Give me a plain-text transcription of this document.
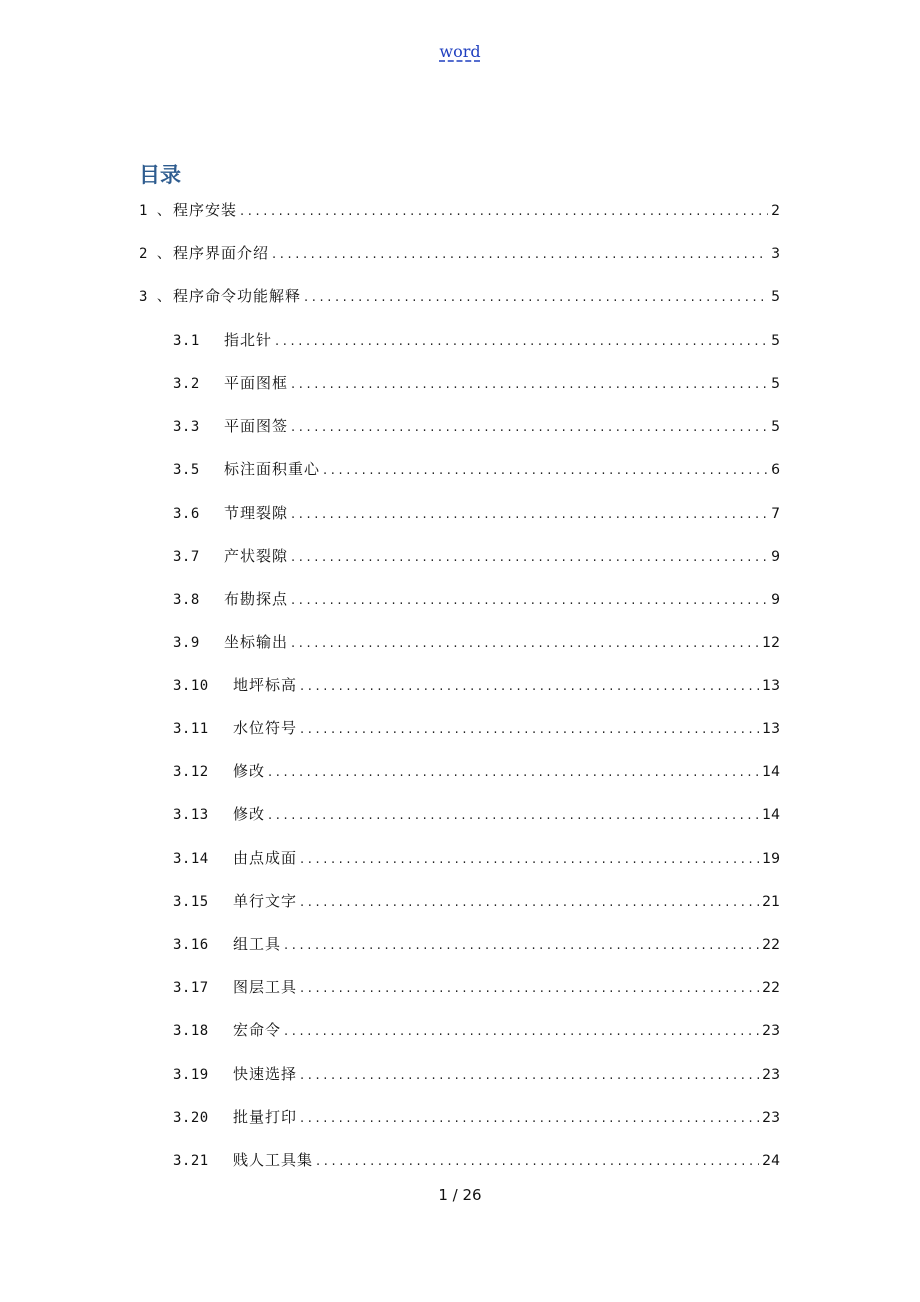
word
目录
1 、 程序安装 .....	2
2 、 程序界面介绍 .....	3
3 、 程序命令功能解释 .....	5
3.1	指北针 .....	5
3.2	平面图框 .....	5
3.3	平面图签 .....	5
3.5	标注面积重心 .....	6
3.6	节理裂隙 .....	7
3.7	产状裂隙 .....	9
3.8	布勘探点 .....	9
3.9	坐标输出 .....	12
3.10	地坪标高 .....	13
3.11	水位符号 .....	13
3.12	修改 .....	14
3.13	修改 .....	14
3.14	由点成面 .....	19
3.15	单行文字 .....	21
3.16	组工具 .....	22
3.17	图层工具 .....	22
3.18	宏命令 .....	23
3.19	快速选择 .....	23
3.20	批量打印 .....	23
3.21	贱人工具集 .....	24
1 / 26
